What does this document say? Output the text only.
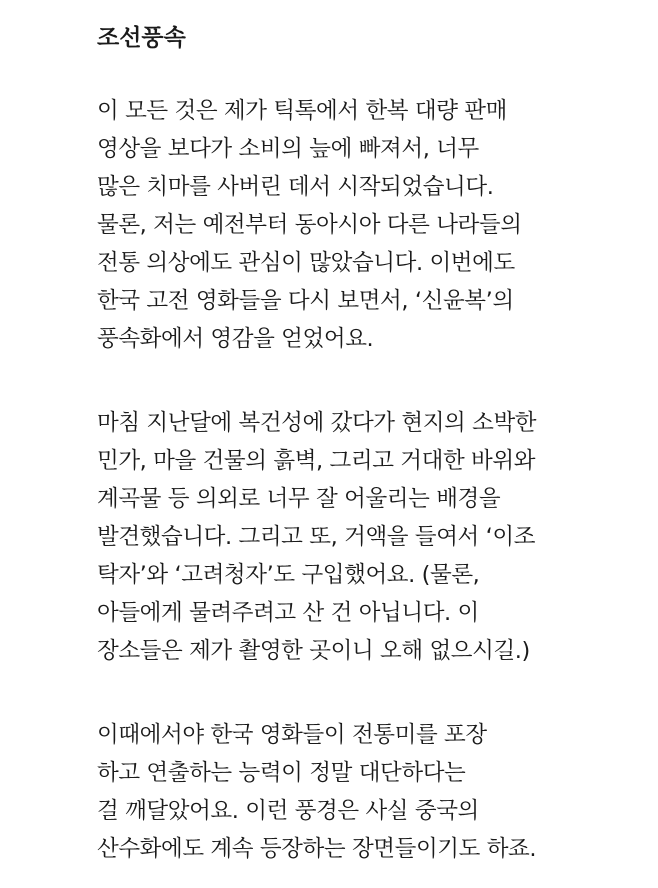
조선풍속
이 모든 것은 제가 틱톡에서 한복 대량 판매
영상을 보다가 소비의 늪에 빠져서, 너무
많은 치마를 사버린 데서 시작되었습니다.
물론, 저는 예전부터 동아시아 다른 나라들의
전통 의상에도 관심이 많았습니다. 이번에도
한국 고전 영화들을 다시 보면서, ‘신윤복’의
풍속화에서 영감을 얻었어요.
마침 지난달에 복건성에 갔다가 현지의 소박한
민가, 마을 건물의 흙벽, 그리고 거대한 바위와
계곡물 등 의외로 너무 잘 어울리는 배경을
발견했습니다. 그리고 또, 거액을 들여서 ‘이조
탁자’와 ‘고려청자’도 구입했어요. (물론,
아들에게 물려주려고 산 건 아닙니다. 이
장소들은 제가 촬영한 곳이니 오해 없으시길.)
이때에서야 한국 영화들이 전통미를 포장
하고 연출하는 능력이 정말 대단하다는
걸 깨달았어요. 이런 풍경은 사실 중국의
산수화에도 계속 등장하는 장면들이기도 하죠.
